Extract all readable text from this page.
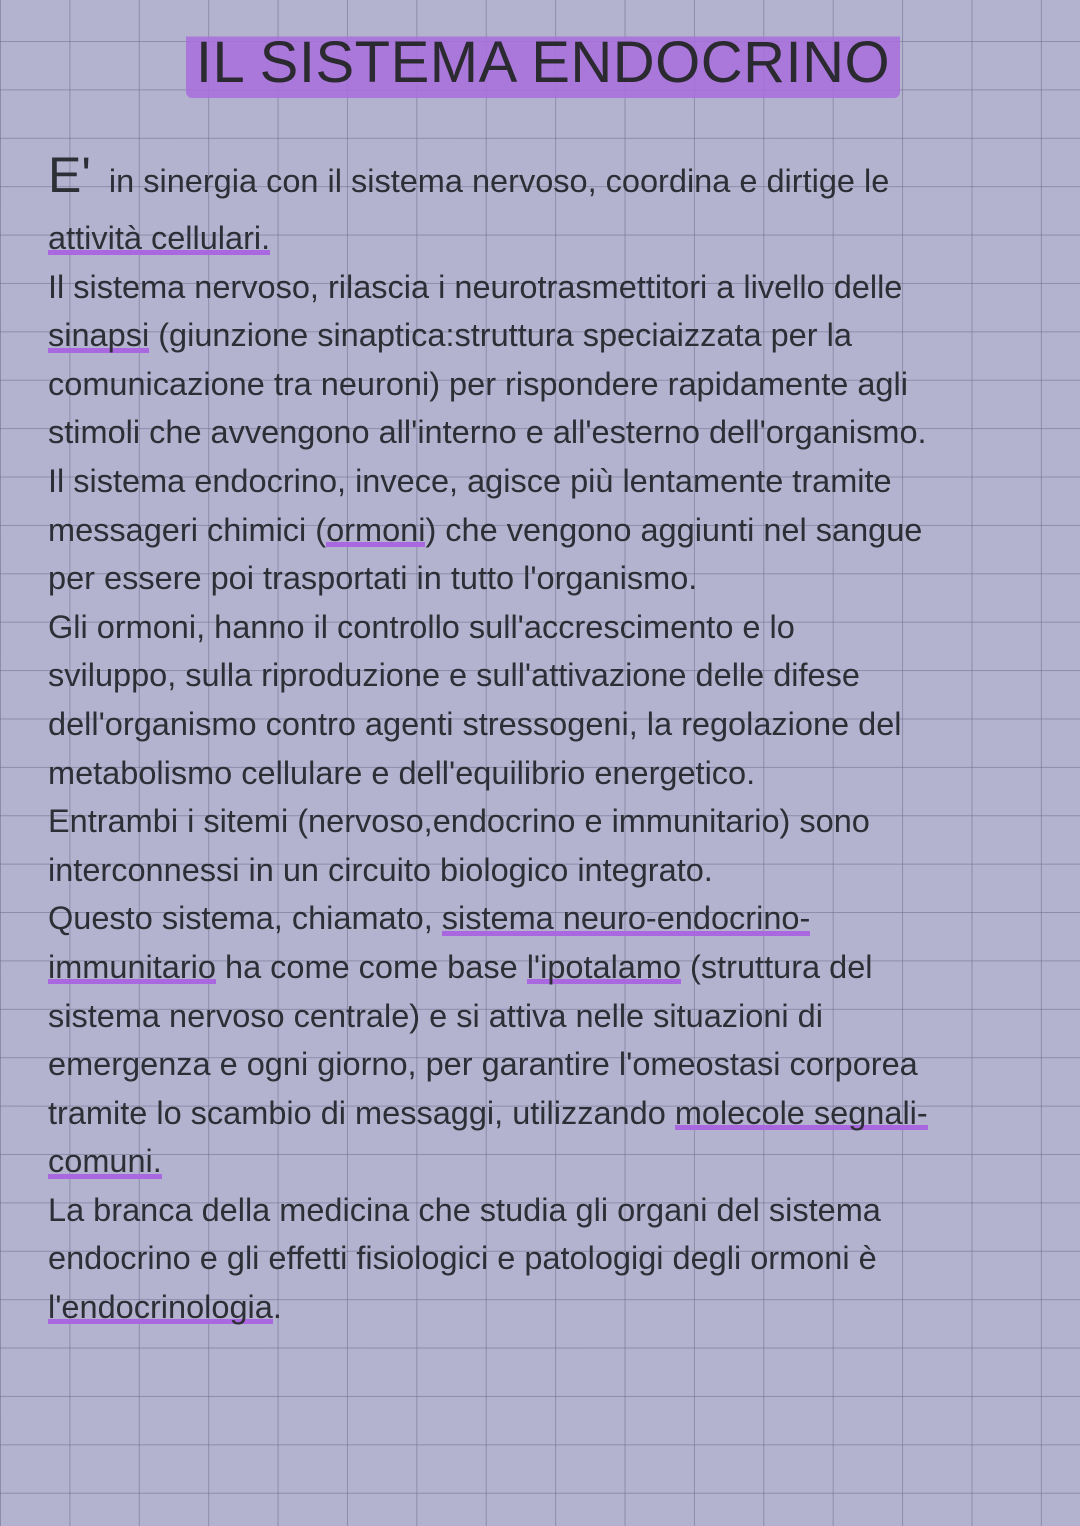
IL SISTEMA ENDOCRINO

E' in sinergia con il sistema nervoso, coordina e dirtige le

attività cellulari.
Il sistema nervoso, rilascia i neurotrasmettitori a livello delle
sinapsi (giunzione sinaptica:struttura speciaizzata per la
comunicazione tra neuroni) per rispondere rapidamente agli
stimoli che avvengono all'interno e all'esterno dell'organismo.
Il sistema endocrino, invece, agisce più lentamente tramite
messageri chimici (ormoni) che vengono aggiunti nel sangue
per essere poi trasportati in tutto l'organismo.
Gli ormoni, hanno il controllo sull'accrescimento e lo
sviluppo, sulla riproduzione e sull'attivazione delle difese
dell'organismo contro agenti stressogeni, la regolazione del
metabolismo cellulare e dell'equilibrio energetico.
Entrambi i sitemi (nervoso,endocrino e immunitario) sono
interconnessi in un circuito biologico integrato.
Questo sistema, chiamato, sistema neuro-endocrino-
immunitario ha come come base l'ipotalamo (struttura del
sistema nervoso centrale) e si attiva nelle situazioni di
emergenza e ogni giorno, per garantire l'omeostasi corporea
tramite lo scambio di messaggi, utilizzando molecole segnali-
comuni.
La branca della medicina che studia gli organi del sistema
endocrino e gli effetti fisiologici e patologigi degli ormoni è
l'endocrinologia.
